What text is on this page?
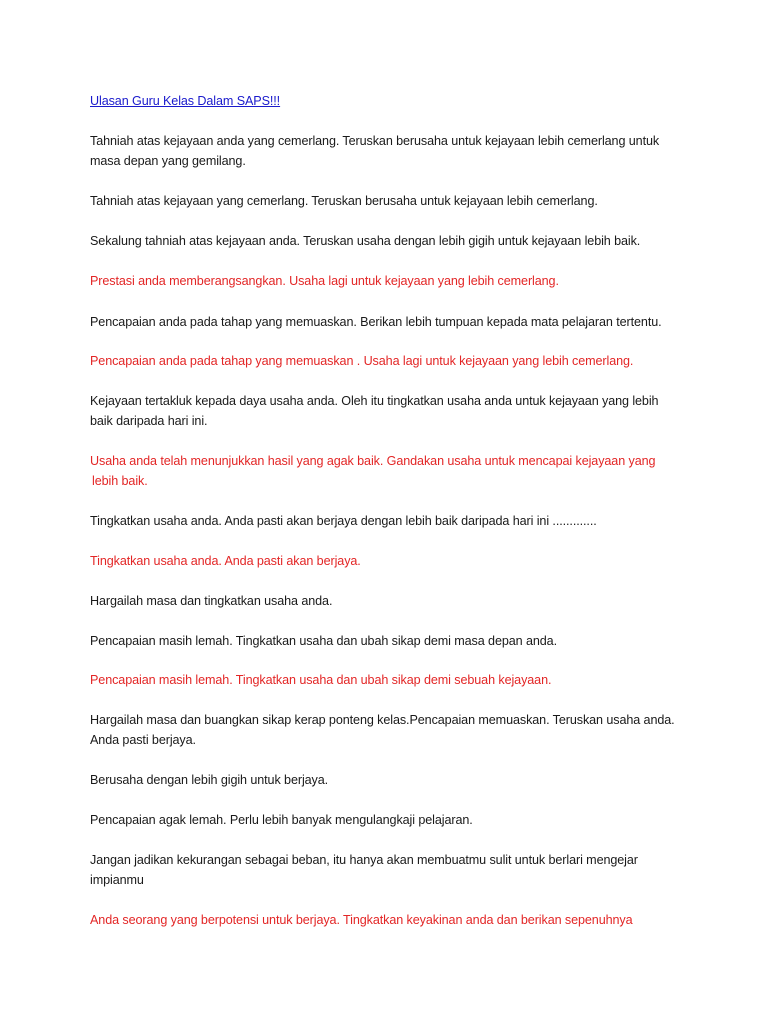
Ulasan Guru Kelas Dalam SAPS!!!

Tahniah atas kejayaan anda yang cemerlang. Teruskan berusaha untuk kejayaan lebih cemerlang untuk
masa depan yang gemilang.

Tahniah atas kejayaan yang cemerlang. Teruskan berusaha untuk kejayaan lebih cemerlang.

Sekalung tahniah atas kejayaan anda. Teruskan usaha dengan lebih gigih untuk kejayaan lebih baik.

Prestasi anda memberangsangkan. Usaha lagi untuk kejayaan yang lebih cemerlang.

Pencapaian anda pada tahap yang memuaskan. Berikan lebih tumpuan kepada mata pelajaran tertentu.

Pencapaian anda pada tahap yang memuaskan . Usaha lagi untuk kejayaan yang lebih cemerlang.

Kejayaan tertakluk kepada daya usaha anda. Oleh itu tingkatkan usaha anda untuk kejayaan yang lebih
baik daripada hari ini.

Usaha anda telah menunjukkan hasil yang agak baik. Gandakan usaha untuk mencapai kejayaan yang
lebih baik.

Tingkatkan usaha anda. Anda pasti akan berjaya dengan lebih baik daripada hari ini .............

Tingkatkan usaha anda. Anda pasti akan berjaya.

Hargailah masa dan tingkatkan usaha anda.

Pencapaian masih lemah. Tingkatkan usaha dan ubah sikap demi masa depan anda.

Pencapaian masih lemah. Tingkatkan usaha dan ubah sikap demi sebuah kejayaan.

Hargailah masa dan buangkan sikap kerap ponteng kelas.Pencapaian memuaskan. Teruskan usaha anda.
Anda pasti berjaya.

Berusaha dengan lebih gigih untuk berjaya.

Pencapaian agak lemah. Perlu lebih banyak mengulangkaji pelajaran.

Jangan jadikan kekurangan sebagai beban, itu hanya akan membuatmu sulit untuk berlari mengejar
impianmu

Anda seorang yang berpotensi untuk berjaya. Tingkatkan keyakinan anda dan berikan sepenuhnya
